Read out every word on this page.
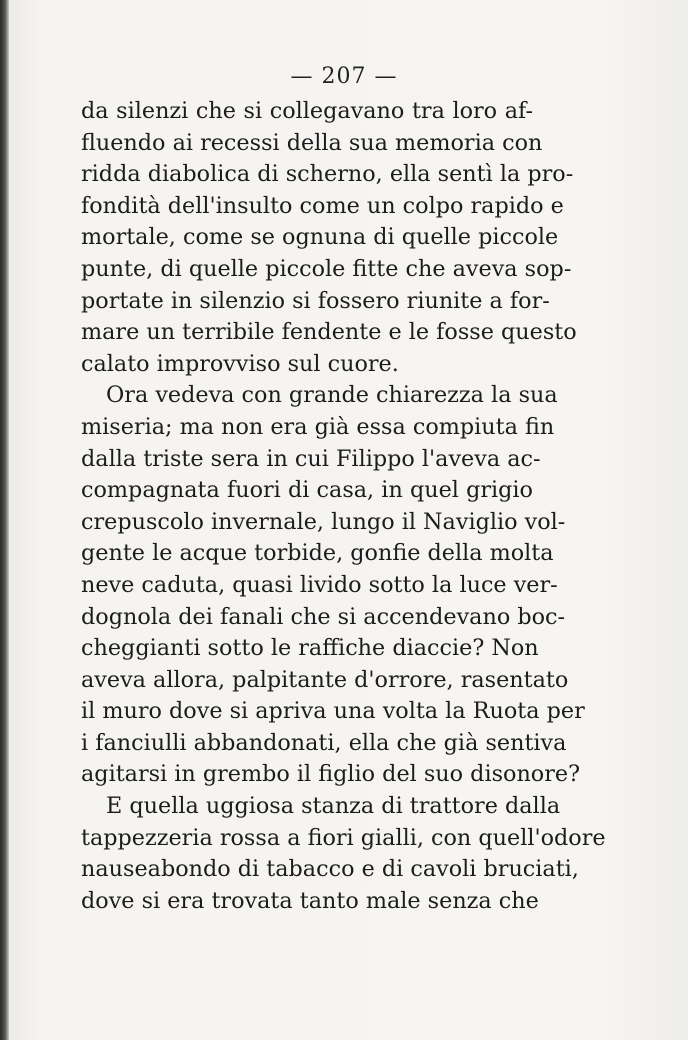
— 207 —
da silenzi che si collegavano tra loro af-
fluendo ai recessi della sua memoria con
ridda diabolica di scherno, ella sentì la pro-
fondità dell'insulto come un colpo rapido e
mortale, come se ognuna di quelle piccole
punte, di quelle piccole fitte che aveva sop-
portate in silenzio si fossero riunite a for-
mare un terribile fendente e le fosse questo
calato improvviso sul cuore.
Ora vedeva con grande chiarezza la sua
miseria; ma non era già essa compiuta fin
dalla triste sera in cui Filippo l'aveva ac-
compagnata fuori di casa, in quel grigio
crepuscolo invernale, lungo il Naviglio vol-
gente le acque torbide, gonfie della molta
neve caduta, quasi livido sotto la luce ver-
dognola dei fanali che si accendevano boc-
cheggianti sotto le raffiche diaccie? Non
aveva allora, palpitante d'orrore, rasentato
il muro dove si apriva una volta la Ruota per
i fanciulli abbandonati, ella che già sentiva
agitarsi in grembo il figlio del suo disonore?
E quella uggiosa stanza di trattore dalla
tappezzeria rossa a fiori gialli, con quell'odore
nauseabondo di tabacco e di cavoli bruciati,
dove si era trovata tanto male senza che
